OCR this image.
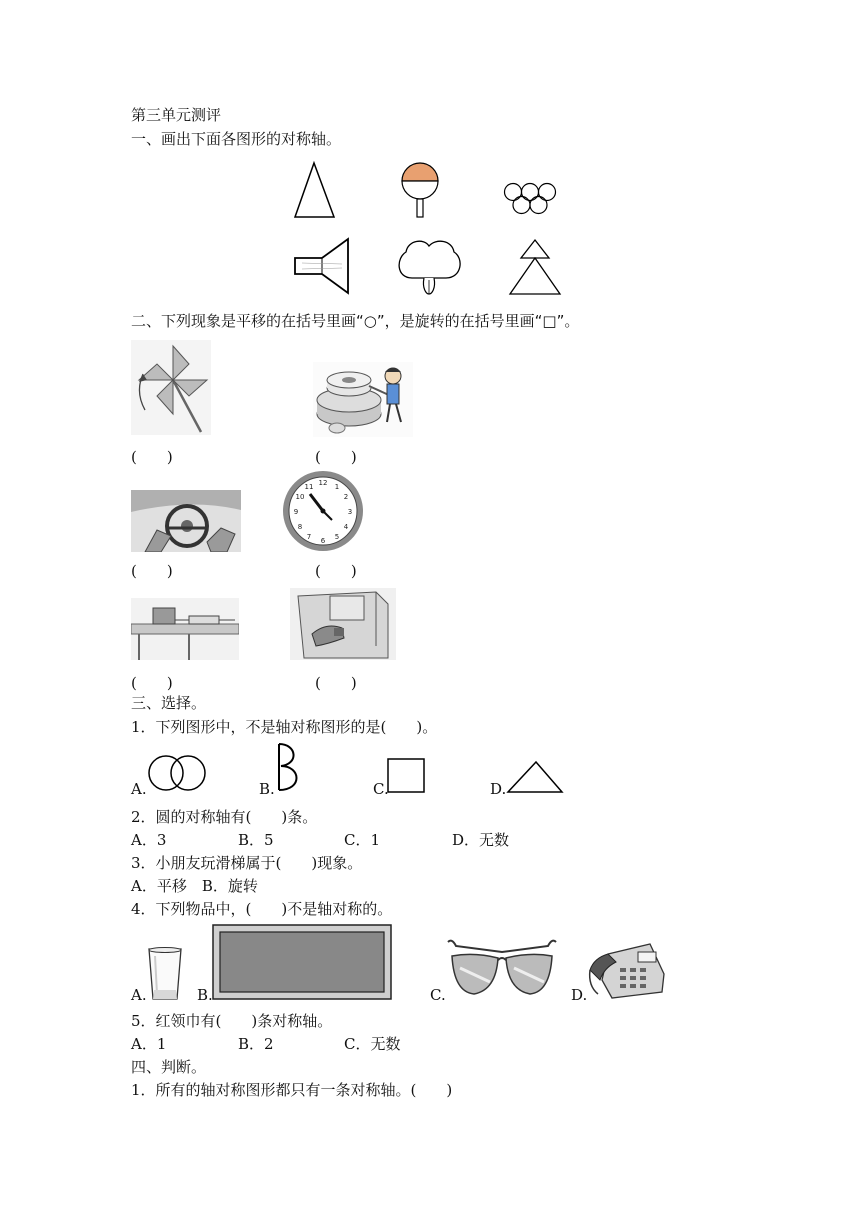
第三单元测评
一、画出下面各图形的对称轴。
二、下列现象是平移的在括号里画“○”，是旋转的在括号里画“□”。
(　　)	(　　)
12 1
2
3
4
5
6
7
8
9
10
11
(　　)	(　　)
(　　)	(　　)
三、选择。
1．下列图形中，不是轴对称图形的是(　　)。
A.	B.	C.	D.
2．圆的对称轴有(　　)条。
A．3	B．5	C．1	D．无数
3．小朋友玩滑梯属于(　　)现象。
A．平移　B．旋转
4．下列物品中，(　　)不是轴对称的。
A.	B.	C.	D.
5．红领巾有(　　)条对称轴。
A．1	B．2	C．无数
四、判断。
1．所有的轴对称图形都只有一条对称轴。(　　)
